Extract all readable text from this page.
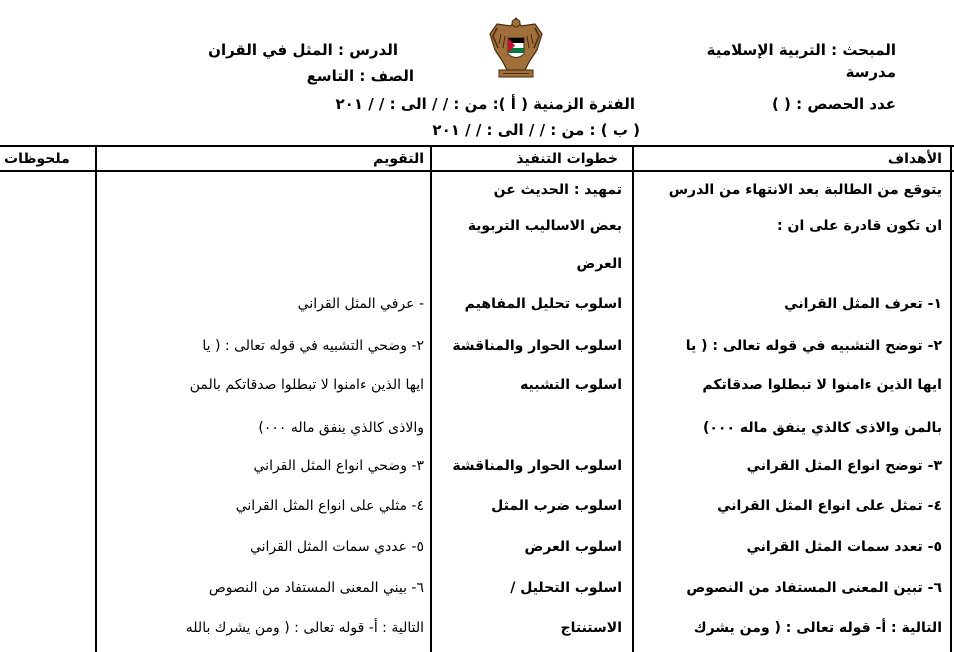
المبحث : التربية الإسلامية
مدرسة
عدد الحصص : ( )
الفترة الزمنية ( أ ): من : / / الى : / / ٢٠١
( ب ) : من : / / الى : / / ٢٠١
الدرس : المثل في القران
الصف : التاسع
الأهداف
خطوات التنفيذ
التقويم
ملحوظات
يتوقع من الطالبة بعد الانتهاء من الدرس
ان تكون قادرة على ان :
١- تعرف المثل القراني
٢- توضح التشبيه في قوله تعالى : ( يا
ايها الذين ءامنوا لا تبطلوا صدقاتكم
بالمن والاذى كالذي ينفق ماله ٠٠٠)
٣- توضح انواع المثل القراني
٤- تمثل على انواع المثل القراني
٥- تعدد سمات المثل القراني
٦- تبين المعنى المستفاد من النصوص
التالية : أ- قوله تعالى : ( ومن يشرك
تمهيد : الحديث عن
بعض الاساليب التربوية
العرض
اسلوب تحليل المفاهيم
اسلوب الحوار والمناقشة
اسلوب التشبيه
اسلوب الحوار والمناقشة
اسلوب ضرب المثل
اسلوب العرض
اسلوب التحليل /
الاستنتاج
- عرفي المثل القراني
٢- وضحي التشبيه في قوله تعالى : ( يا
ايها الذين ءامنوا لا تبطلوا صدقاتكم بالمن
والاذى كالذي ينفق ماله ٠٠٠)
٣- وضحي انواع المثل القراني
٤- مثلي على انواع المثل القراني
٥- عددي سمات المثل القراني
٦- بيني المعنى المستفاد من النصوص
التالية : أ- قوله تعالى : ( ومن يشرك بالله
